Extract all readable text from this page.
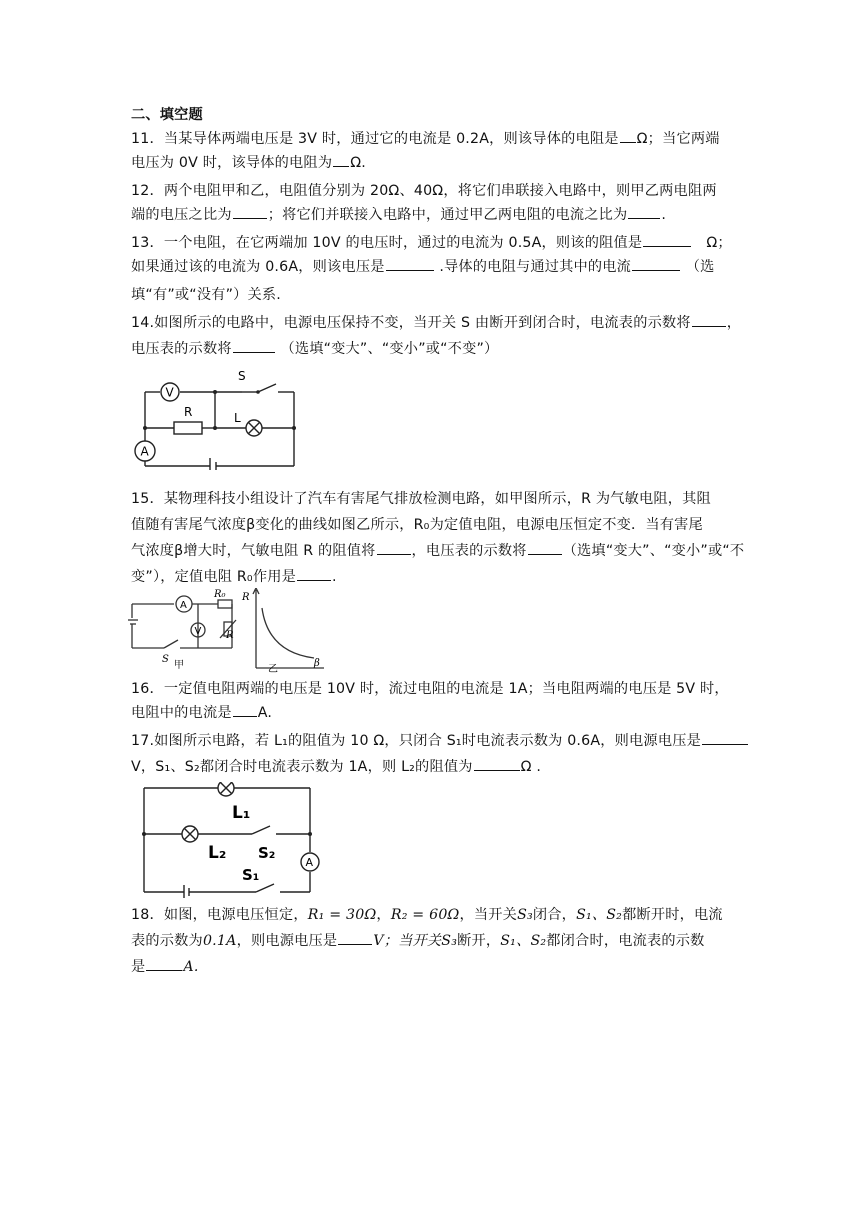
二、填空题
11．当某导体两端电压是 3V 时，通过它的电流是 0.2A，则该导体的电阻是 Ω；当它两端
电压为 0V 时，该导体的电阻为 Ω.
12．两个电阻甲和乙，电阻值分别为 20Ω、40Ω，将它们串联接入电路中，则甲乙两电阻两
端的电压之比为	；将它们并联接入电路中，通过甲乙两电阻的电流之比为 .
13．一个电阻，在它两端加 10V 的电压时，通过的电流为 0.5A，则该的阻值是	Ω；
如果通过该的电流为 0.6A，则该电压是	.导体的电阻与通过其中的电流	（选
填“有”或“没有”）关系.
14.如图所示的电路中，电源电压保持不变，当开关 S 由断开到闭合时，电流表的示数将	，
电压表的示数将	（选填“变大”、“变小”或“不变”）
V
A
R	L
S
15．某物理科技小组设计了汽车有害尾气排放检测电路，如甲图所示，R 为气敏电阻，其阻
值随有害尾气浓度β变化的曲线如图乙所示，R₀为定值电阻，电源电压恒定不变．当有害尾
气浓度β增大时，气敏电阻 R 的阻值将	，电压表的示数将	（选填“变大”、“变小”或“不
变”），定值电阻 R₀作用是	.
A
V
R₀
R
S
甲
R
β
乙
16．一定值电阻两端的电压是 10V 时，流过电阻的电流是 1A；当电阻两端的电压是 5V 时，
电阻中的电流是 A.
17.如图所示电路，若 L₁的阻值为 10 Ω，只闭合 S₁时电流表示数为 0.6A，则电源电压是
V，S₁、S₂都闭合时电流表示数为 1A，则 L₂的阻值为	Ω .
A
L₁
L₂ S₂
S₁
18．如图，电源电压恒定，R₁ = 30Ω，R₂ = 60Ω，当开关S₃闭合，S₁、S₂都断开时，电流
表的示数为0.1A，则电源电压是	V；当开关S₃断开，S₁、S₂都闭合时，电流表的示数
是	A.
